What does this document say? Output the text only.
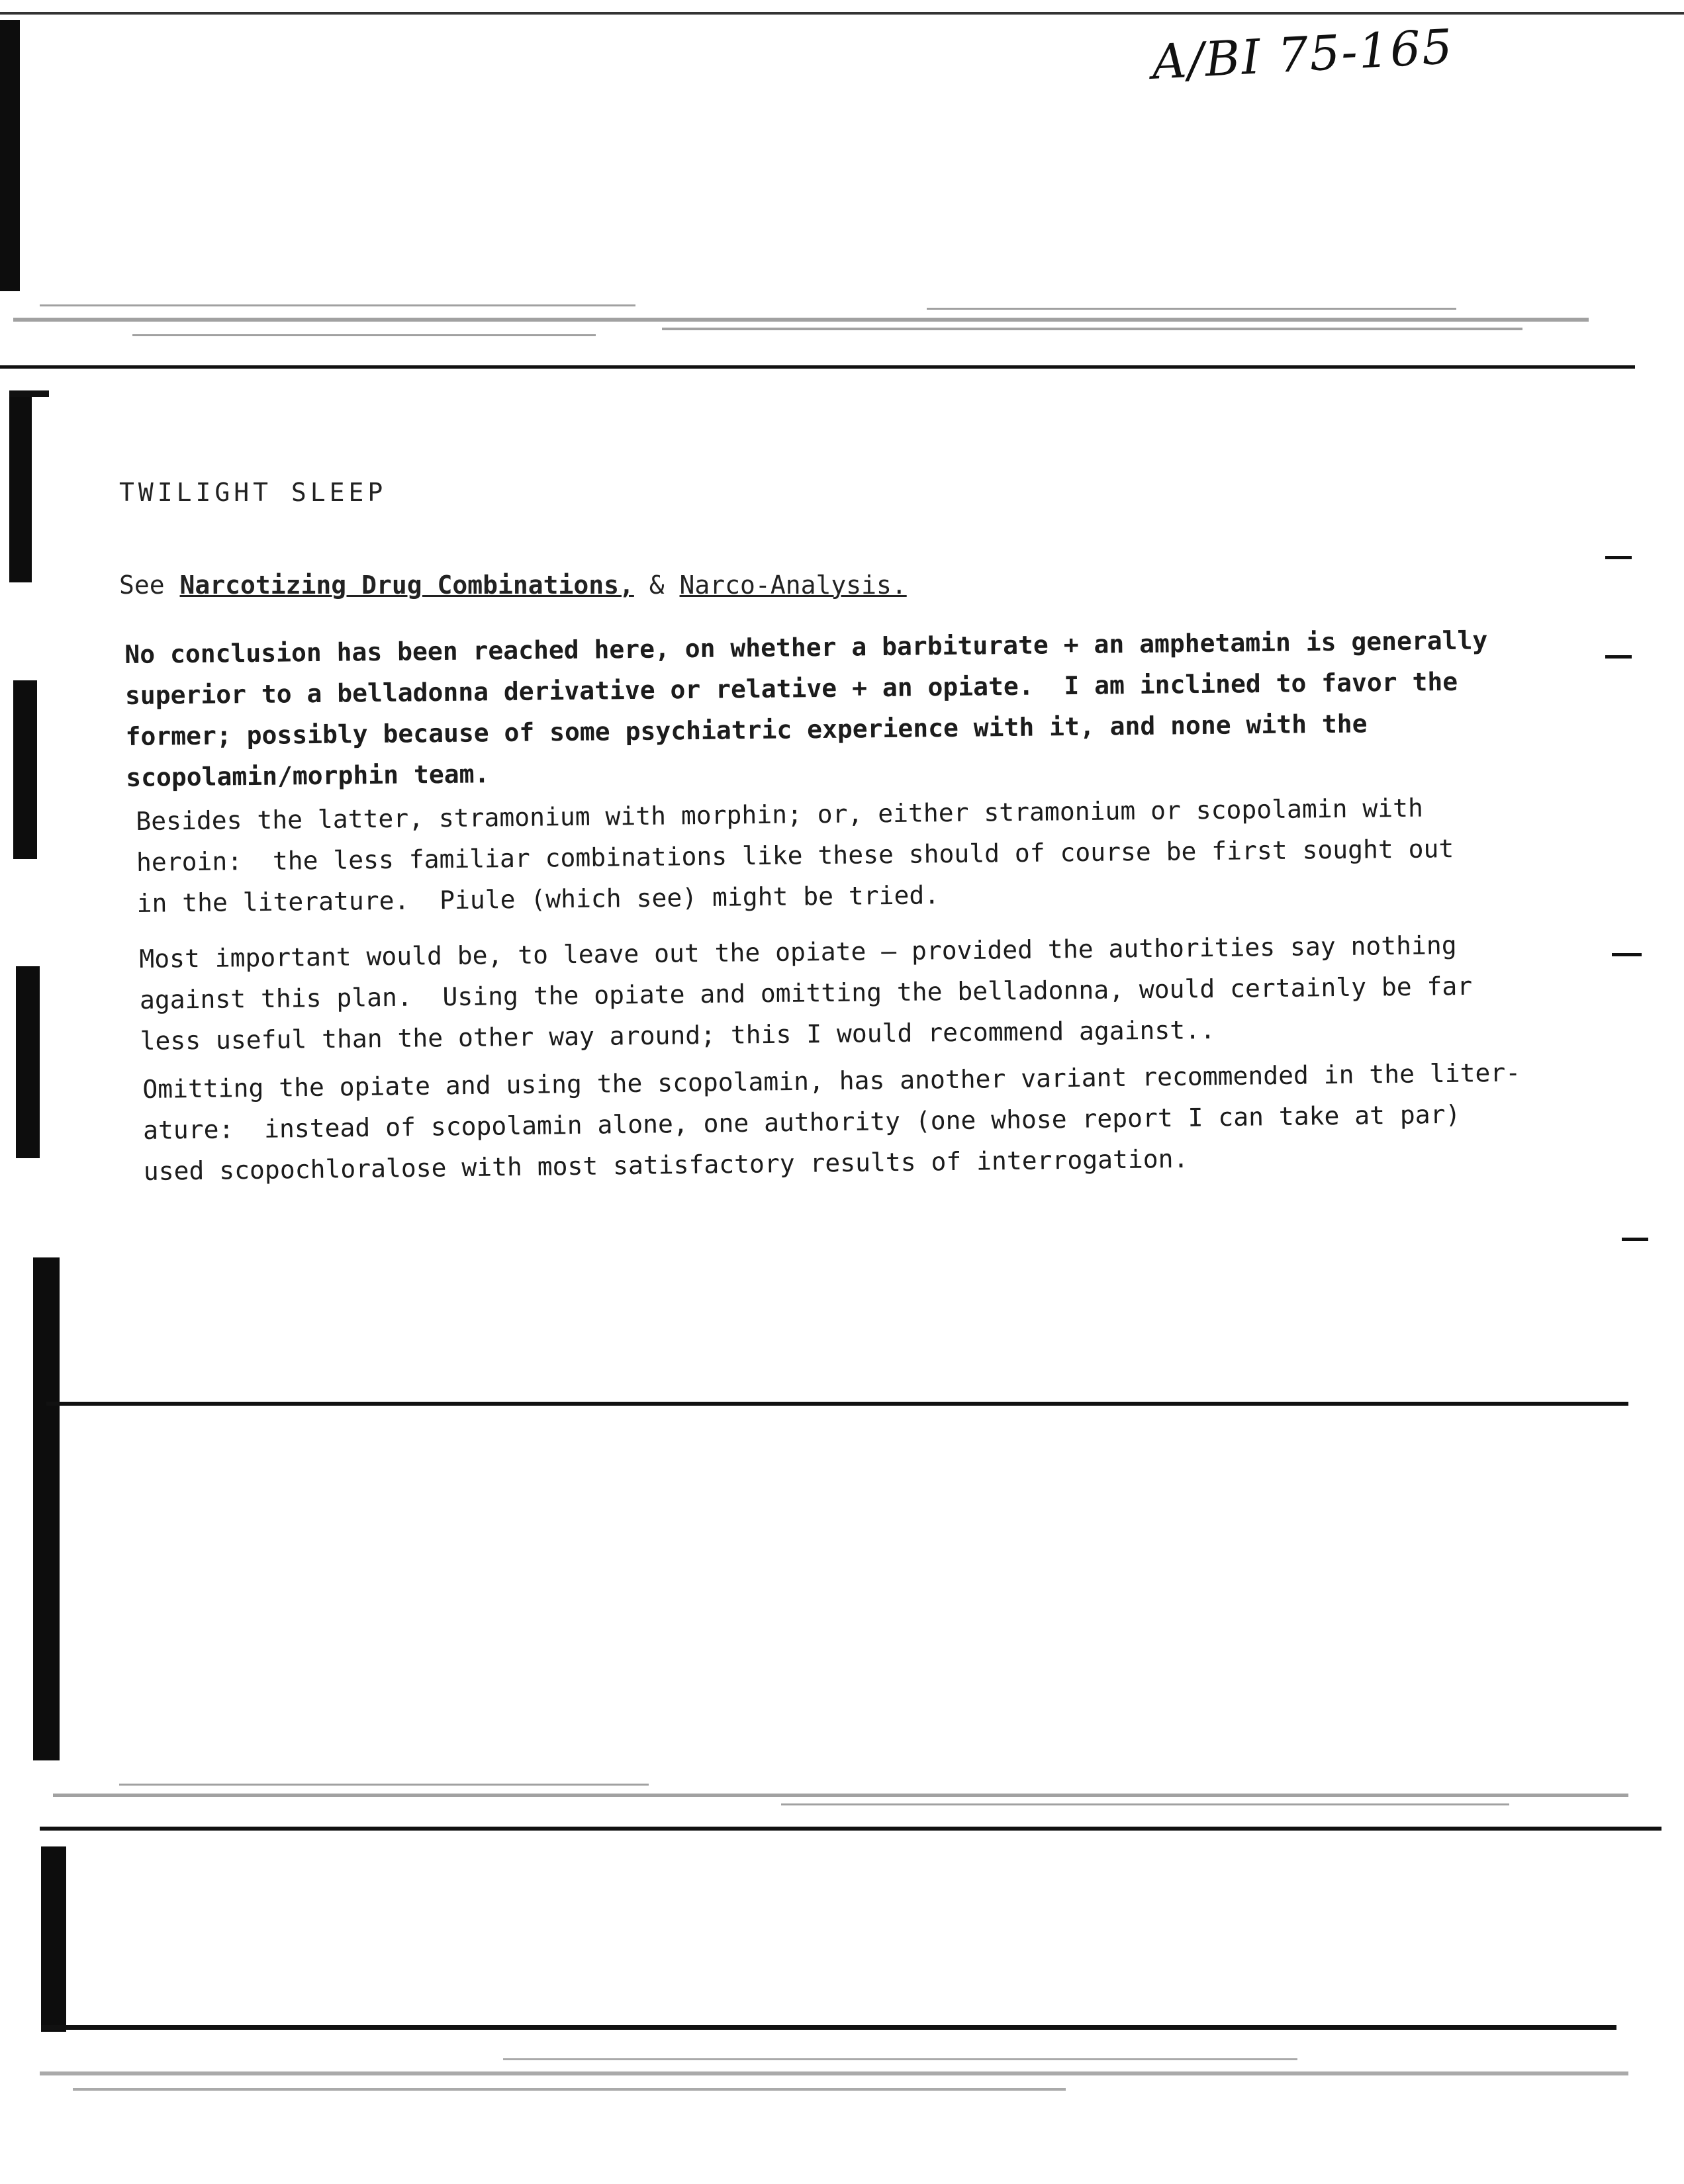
A/BI 75-165
TWILIGHT SLEEP
See Narcotizing Drug Combinations, & Narco-Analysis.
No conclusion has been reached here, on whether a barbiturate + an amphetamin is generally
superior to a belladonna derivative or relative + an opiate.  I am inclined to favor the
former; possibly because of some psychiatric experience with it, and none with the
scopolamin/morphin team.
Besides the latter, stramonium with morphin; or, either stramonium or scopolamin with
heroin:  the less familiar combinations like these should of course be first sought out
in the literature.  Piule (which see) might be tried.
Most important would be, to leave out the opiate — provided the authorities say nothing
against this plan.  Using the opiate and omitting the belladonna, would certainly be far
less useful than the other way around; this I would recommend against..
Omitting the opiate and using the scopolamin, has another variant recommended in the liter-
ature:  instead of scopolamin alone, one authority (one whose report I can take at par)
used scopochloralose with most satisfactory results of interrogation.
